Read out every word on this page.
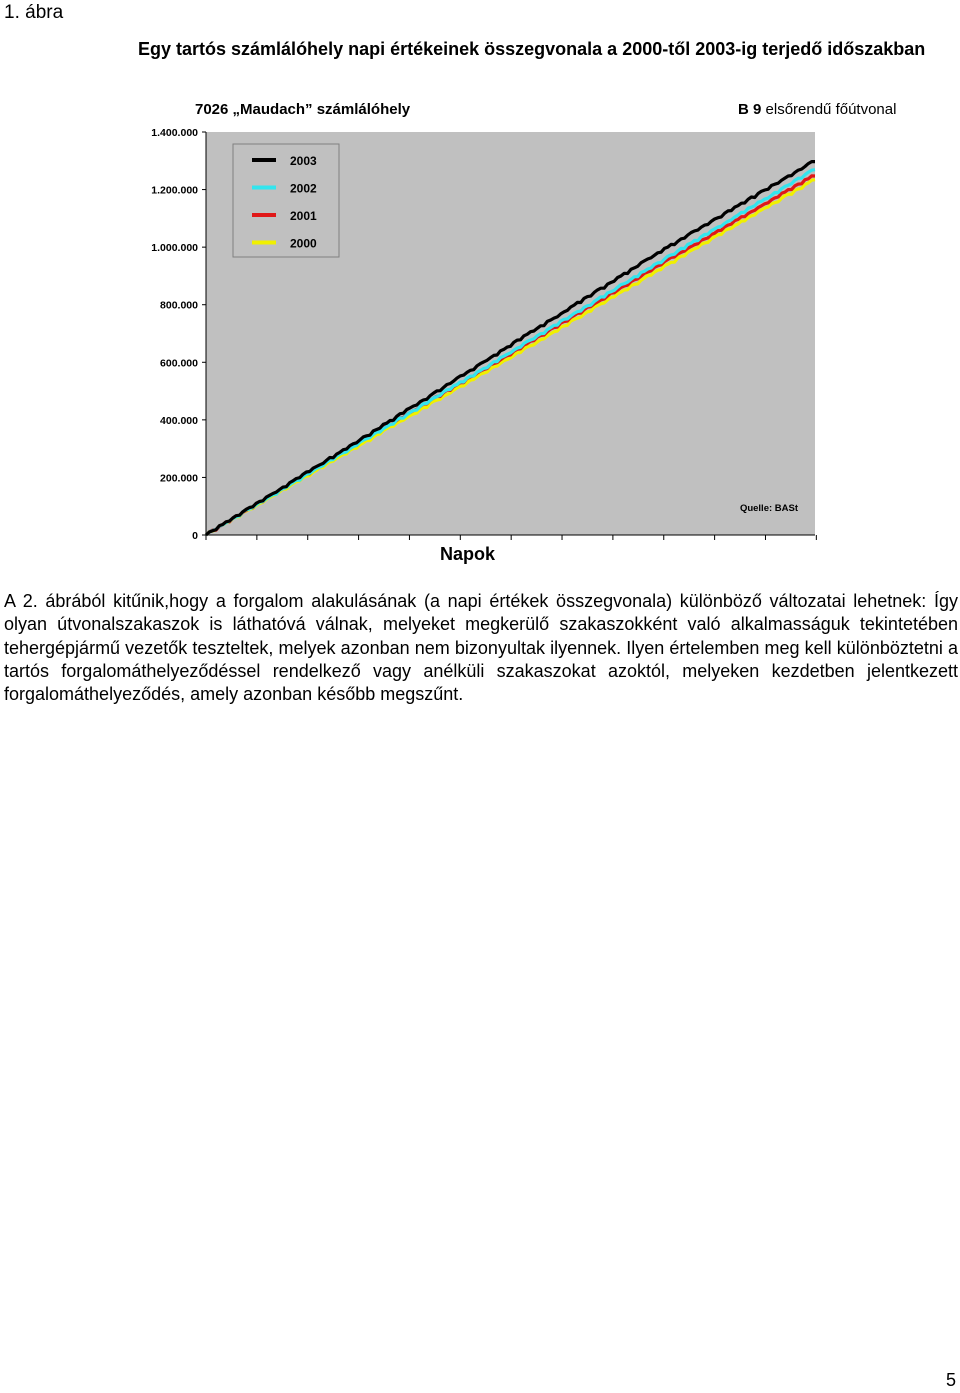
1. ábra
Egy tartós számlálóhely napi értékeinek összegvonala a 2000-től 2003-ig terjedő időszakban
7026 „Maudach” számlálóhely	B 9 elsőrendű főútvonal
0
200.000
400.000
600.000
800.000
1.000.000
1.200.000
1.400.000
2003
2002
2001
2000
Quelle: BASt
Napok

A 2. ábrából kitűnik,hogy a forgalom alakulásának (a napi értékek összegvonala) különböző változatai lehetnek: Így olyan útvonalszakaszok is láthatóvá válnak, melyeket megkerülő szakaszokként való alkalmasságuk tekintetében tehergépjármű vezetők teszteltek, melyek azonban nem bizonyultak ilyennek. Ilyen értelemben meg kell különböztetni a tartós forgalomáthelyeződéssel rendelkező vagy anélküli szakaszokat azoktól, melyeken kezdetben jelentkezett forgalomáthelyeződés, amely azonban később megszűnt.

5
